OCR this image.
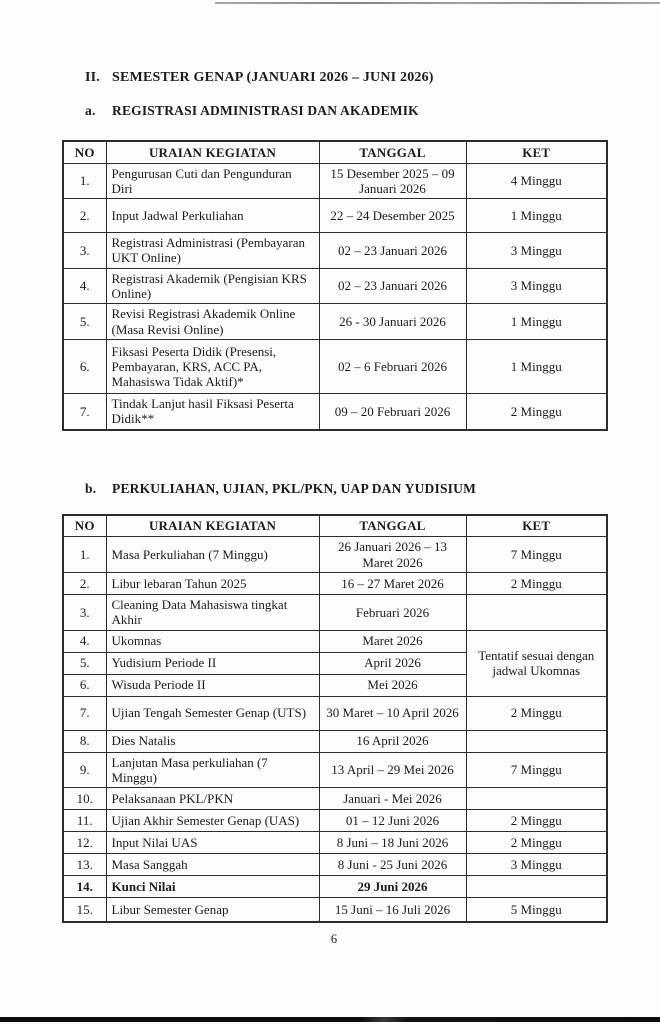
II. SEMESTER GENAP (JANUARI 2026 – JUNI 2026)
a.	REGISTRASI ADMINISTRASI DAN AKADEMIK
NO	URAIAN KEGIATAN	TANGGAL	KET
1.	Pengurusan Cuti dan Pengunduran Diri	15 Desember 2025 – 09 Januari 2026	4 Minggu
2.	Input Jadwal Perkuliahan	22 – 24 Desember 2025	1 Minggu
3.	Registrasi Administrasi (Pembayaran UKT Online)	02 – 23 Januari 2026	3 Minggu
4.	Registrasi Akademik (Pengisian KRS Online)	02 – 23 Januari 2026	3 Minggu
5.	Revisi Registrasi Akademik Online (Masa Revisi Online)	26 - 30 Januari 2026	1 Minggu
6.	Fiksasi Peserta Didik (Presensi, Pembayaran, KRS, ACC PA, Mahasiswa Tidak Aktif)*	02 – 6 Februari 2026	1 Minggu
7.	Tindak Lanjut hasil Fiksasi Peserta Didik**	09 – 20 Februari 2026	2 Minggu
b.	PERKULIAHAN, UJIAN, PKL/PKN, UAP DAN YUDISIUM
NO	URAIAN KEGIATAN	TANGGAL	KET
1.	Masa Perkuliahan (7 Minggu)	26 Januari 2026 – 13 Maret 2026	7 Minggu
2.	Libur lebaran Tahun 2025	16 – 27 Maret 2026	2 Minggu
3.	Cleaning Data Mahasiswa tingkat Akhir	Februari 2026	
4.	Ukomnas	Maret 2026	Tentatif sesuai dengan jadwal Ukomnas
5.	Yudisium Periode II	April 2026	
6.	Wisuda Periode II	Mei 2026	
7.	Ujian Tengah Semester Genap (UTS)	30 Maret – 10 April 2026	2 Minggu
8.	Dies Natalis	16 April 2026	
9.	Lanjutan Masa perkuliahan (7 Minggu)	13 April – 29 Mei 2026	7 Minggu
10.	Pelaksanaan PKL/PKN	Januari - Mei 2026	
11.	Ujian Akhir Semester Genap (UAS)	01 – 12 Juni 2026	2 Minggu
12.	Input Nilai UAS	8 Juni – 18 Juni 2026	2 Minggu
13.	Masa Sanggah	8 Juni - 25 Juni 2026	3 Minggu
14.	Kunci Nilai	29 Juni 2026	
15.	Libur Semester Genap	15 Juni – 16 Juli 2026	5 Minggu
6
